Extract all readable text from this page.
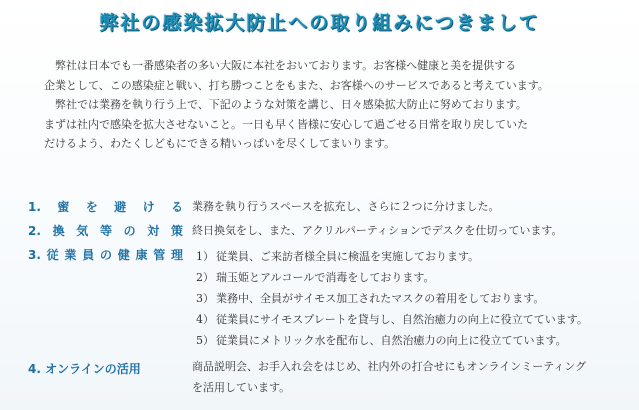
弊社の感染拡大防止への取り組みにつきまして

　弊社は日本でも一番感染者の多い大阪に本社をおいております。お客様へ健康と美を提供する

企業として、この感染症と戦い、打ち勝つことをもまた、お客様へのサービスであると考えています。

　弊社では業務を執り行う上で、下記のような対策を講じ、日々感染拡大防止に努めております。

まずは社内で感染を拡大させないこと。一日も早く皆様に安心して過ごせる日常を取り戻していた

だけるよう、わたくしどもにできる精いっぱいを尽くしてまいります。

1.蜜を避ける 業務を執り行うスペースを拡充し、さらに２つに分けました。
2.換気等の対策 終日換気をし、また、アクリルパーティションでデスクを仕切っています。
3.従業員の健康管理 1） 従業員、ご来訪者様全員に検温を実施しております。
2） 瑞玉姫とアルコールで消毒をしております。
3） 業務中、全員がサイモス加工されたマスクの着用をしております。
4） 従業員にサイモスプレートを貸与し、自然治癒力の向上に役立てています。
5） 従業員にメトリック水を配布し、自然治癒力の向上に役立てています。
4. オンラインの活用	商品説明会、お手入れ会をはじめ、社内外の打合せにもオンラインミーティング
を活用しています。
